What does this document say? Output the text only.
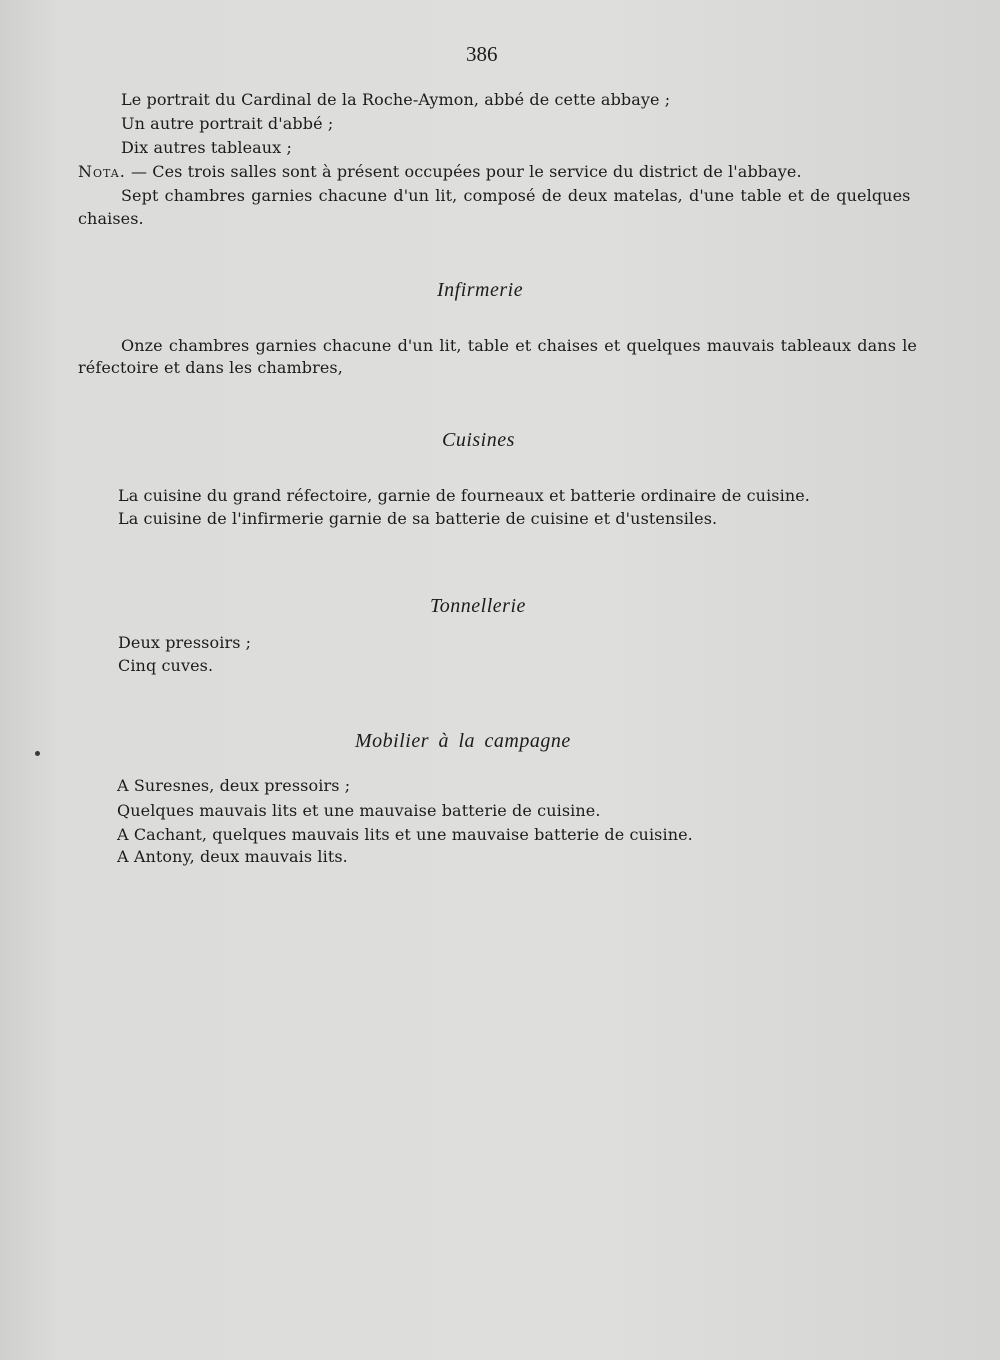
386
Le portrait du Cardinal de la Roche-Aymon, abbé de cette abbaye ;
Un autre portrait d'abbé ;
Dix autres tableaux ;
Nota. — Ces trois salles sont à présent occupées pour le service du district de l'abbaye.
Sept chambres garnies chacune d'un lit, composé de deux matelas, d'une table et de quelques
chaises.
Infirmerie
Onze chambres garnies chacune d'un lit, table et chaises et quelques mauvais tableaux dans le
réfectoire et dans les chambres,
Cuisines
La cuisine du grand réfectoire, garnie de fourneaux et batterie ordinaire de cuisine.
La cuisine de l'infirmerie garnie de sa batterie de cuisine et d'ustensiles.
Tonnellerie
Deux pressoirs ;
Cinq cuves.
Mobilier à la campagne
A Suresnes, deux pressoirs ;
Quelques mauvais lits et une mauvaise batterie de cuisine.
A Cachant, quelques mauvais lits et une mauvaise batterie de cuisine.
A Antony, deux mauvais lits.
